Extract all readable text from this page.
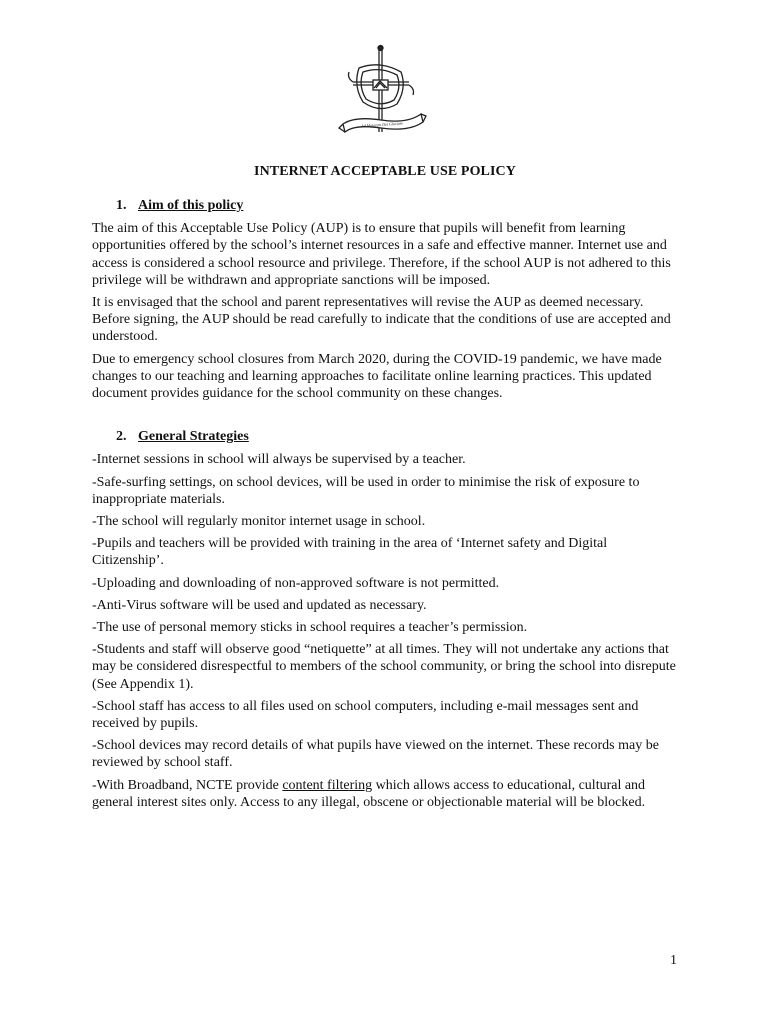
Ad Majorem Dei Gloriam
INTERNET ACCEPTABLE USE POLICY
1. Aim of this policy

The aim of this Acceptable Use Policy (AUP) is to ensure that pupils will benefit from learning opportunities offered by the school’s internet resources in a safe and effective manner. Internet use and access is considered a school resource and privilege. Therefore, if the school AUP is not adhered to this privilege will be withdrawn and appropriate sanctions will be imposed.

It is envisaged that the school and parent representatives will revise the AUP as deemed necessary. Before signing, the AUP should be read carefully to indicate that the conditions of use are accepted and understood.

Due to emergency school closures from March 2020, during the COVID-19 pandemic, we have made changes to our teaching and learning approaches to facilitate online learning practices. This updated document provides guidance for the school community on these changes.

2. General Strategies

-Internet sessions in school will always be supervised by a teacher.

-Safe-surfing settings, on school devices, will be used in order to minimise the risk of exposure to inappropriate materials.

-The school will regularly monitor internet usage in school.

-Pupils and teachers will be provided with training in the area of ‘Internet safety and Digital Citizenship’.

-Uploading and downloading of non-approved software is not permitted.

-Anti-Virus software will be used and updated as necessary.

-The use of personal memory sticks in school requires a teacher’s permission.

-Students and staff will observe good “netiquette” at all times. They will not undertake any actions that may be considered disrespectful to members of the school community, or bring the school into disrepute (See Appendix 1).

-School staff has access to all files used on school computers, including e-mail messages sent and received by pupils.

-School devices may record details of what pupils have viewed on the internet. These records may be reviewed by school staff.

-With Broadband, NCTE provide content filtering which allows access to educational, cultural and general interest sites only. Access to any illegal, obscene or objectionable material will be blocked.

1
